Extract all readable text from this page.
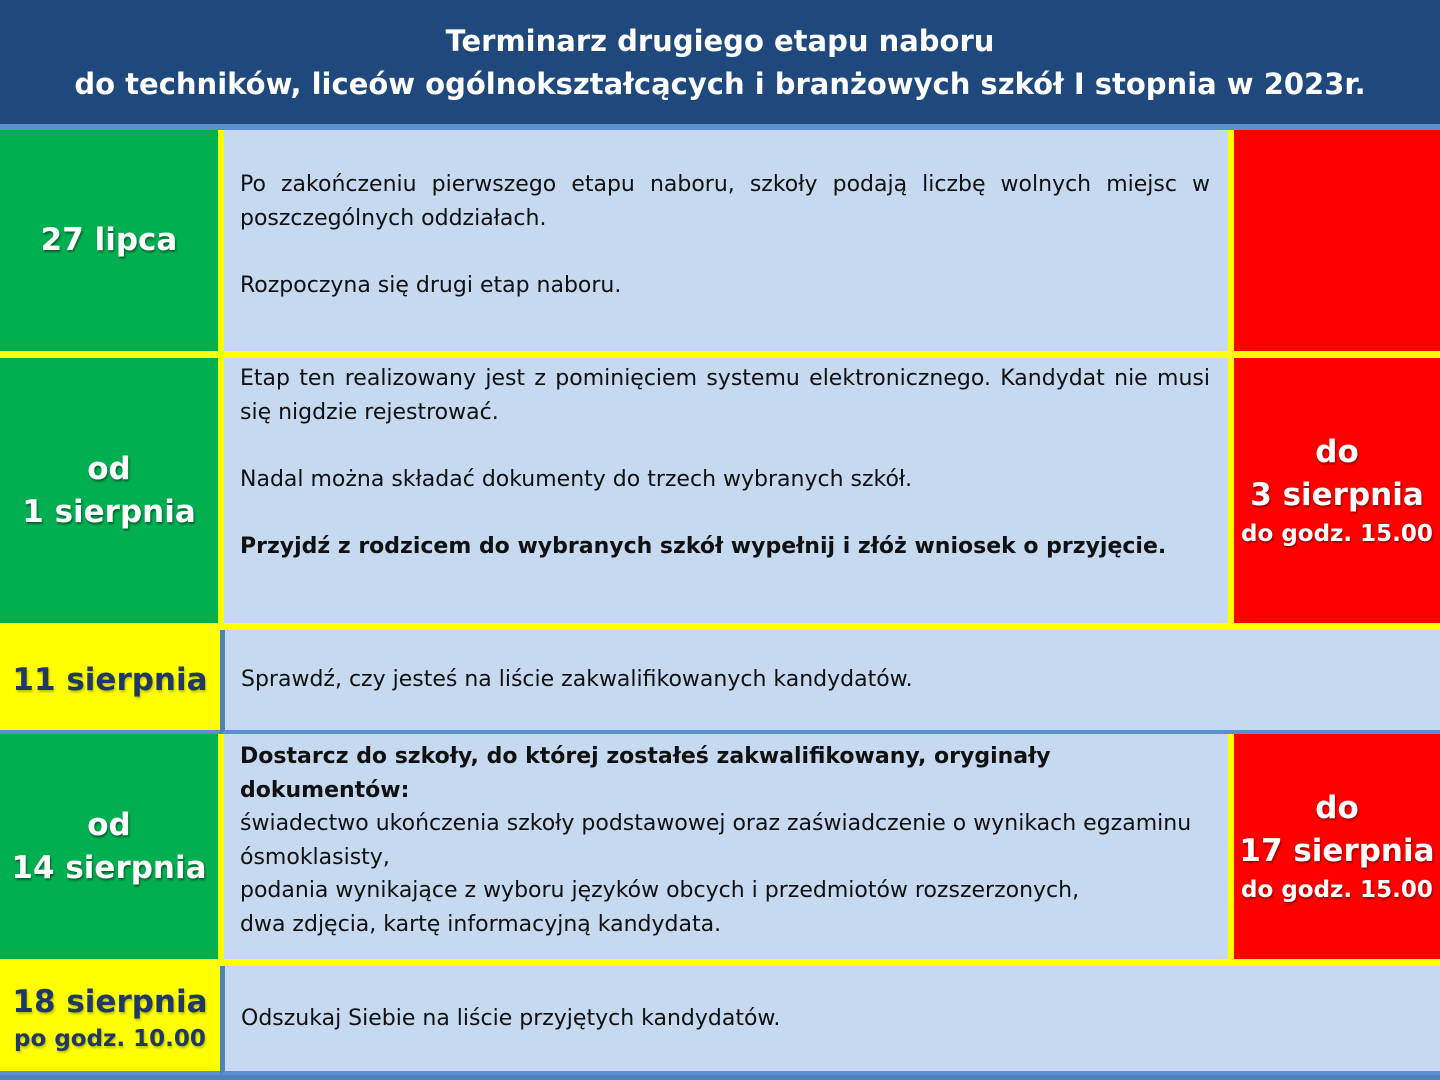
Terminarz drugiego etapu naboru
do techników, liceów ogólnokształcących i branżowych szkół I stopnia w 2023r.
27 lipca

Po zakończeniu pierwszego etapu naboru, szkoły podają liczbę wolnych miejsc w poszczególnych oddziałach.

Rozpoczyna się drugi etap naboru.

od
1 sierpnia

Etap ten realizowany jest z pominięciem systemu elektronicznego. Kandydat nie musi się nigdzie rejestrować.

Nadal można składać dokumenty do trzech wybranych szkół.

Przyjdź z rodzicem do wybranych szkół wypełnij i złóż wniosek o przyjęcie.

do
3 sierpnia
do godz. 15.00
11 sierpnia Sprawdź, czy jesteś na liście zakwalifikowanych kandydatów.

od
14 sierpnia

Dostarcz do szkoły, do której zostałeś zakwalifikowany, oryginały dokumentów:

świadectwo ukończenia szkoły podstawowej oraz zaświadczenie o wynikach egzaminu ósmoklasisty,

podania wynikające z wyboru języków obcych i przedmiotów rozszerzonych,

dwa zdjęcia, kartę informacyjną kandydata.

do
17 sierpnia
do godz. 15.00
18 sierpnia
po godz. 10.00

Odszukaj Siebie na liście przyjętych kandydatów.
